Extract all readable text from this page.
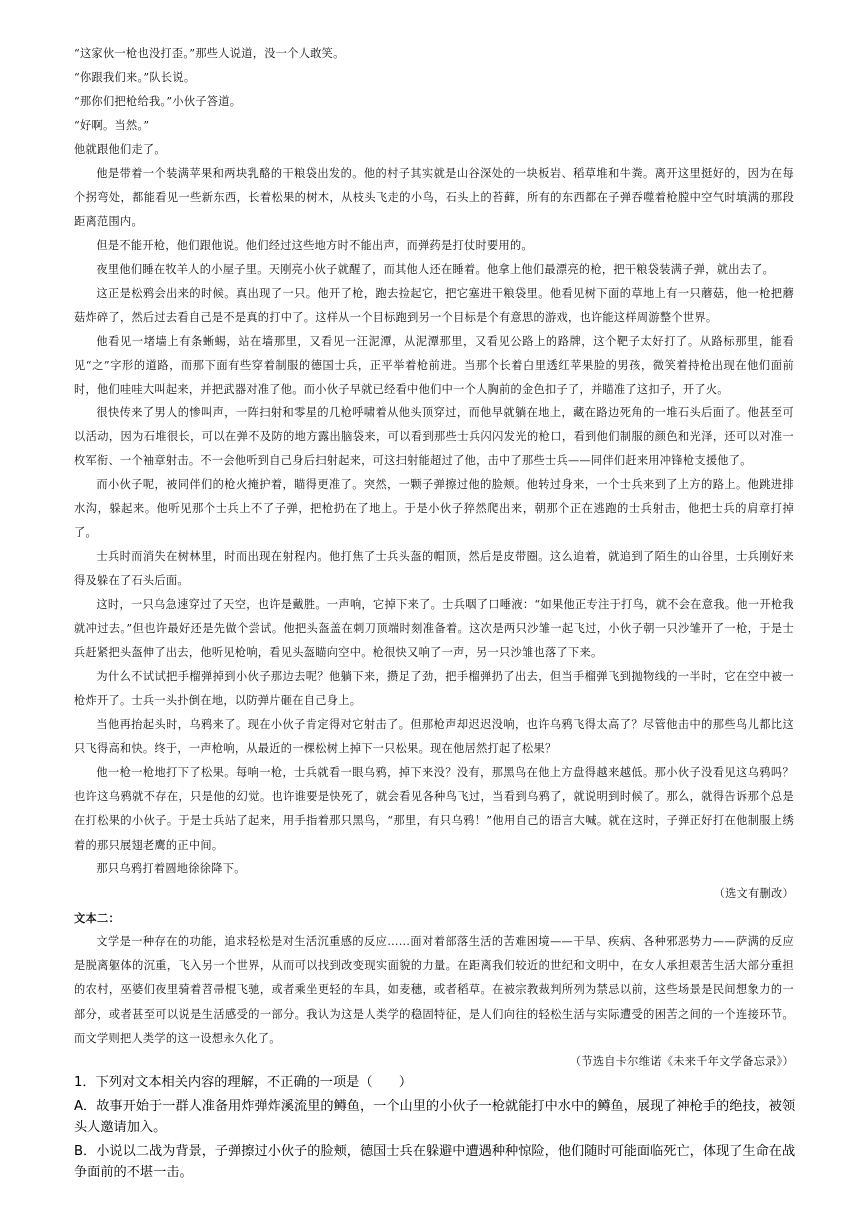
“这家伙一枪也没打歪。”那些人说道，没一个人敢笑。

“你跟我们来。”队长说。

“那你们把枪给我。”小伙子答道。

“好啊。当然。”

他就跟他们走了。

他是带着一个装满苹果和两块乳酪的干粮袋出发的。他的村子其实就是山谷深处的一块板岩、稻草堆和牛粪。离开这里挺好的，因为在每个拐弯处，都能看见一些新东西，长着松果的树木，从枝头飞走的小鸟，石头上的苔藓，所有的东西都在子弹吞噬着枪膛中空气时填满的那段距离范围内。

但是不能开枪，他们跟他说。他们经过这些地方时不能出声，而弹药是打仗时要用的。

夜里他们睡在牧羊人的小屋子里。天刚亮小伙子就醒了，而其他人还在睡着。他拿上他们最漂亮的枪，把干粮袋装满子弹，就出去了。

这正是松鸦会出来的时候。真出现了一只。他开了枪，跑去捡起它，把它塞进干粮袋里。他看见树下面的草地上有一只蘑菇，他一枪把蘑菇炸碎了，然后过去看自己是不是真的打中了。这样从一个目标跑到另一个目标是个有意思的游戏，也许能这样周游整个世界。

他看见一堵墙上有条蜥蜴，站在墙那里，又看见一汪泥潭，从泥潭那里，又看见公路上的路牌，这个靶子太好打了。从路标那里，能看见“之”字形的道路，而那下面有些穿着制服的德国士兵，正平举着枪前进。当那个长着白里透红苹果脸的男孩，微笑着持枪出现在他们面前时，他们哇哇大叫起来，并把武器对准了他。而小伙子早就已经看中他们中一个人胸前的金色扣子了，并瞄准了这扣子，开了火。

很快传来了男人的惨叫声，一阵扫射和零星的几枪呼啸着从他头顶穿过，而他早就躺在地上，藏在路边死角的一堆石头后面了。他甚至可以活动，因为石堆很长，可以在弹不及防的地方露出脑袋来，可以看到那些士兵闪闪发光的枪口，看到他们制服的颜色和光泽，还可以对准一枚军衔、一个袖章射击。不一会他听到自己身后扫射起来，可这扫射能超过了他，击中了那些士兵——同伴们赶来用冲锋枪支援他了。

而小伙子呢，被同伴们的枪火掩护着，瞄得更准了。突然，一颗子弹擦过他的脸颊。他转过身来，一个士兵来到了上方的路上。他跳进排水沟，躲起来。他听见那个士兵上不了子弹，把枪扔在了地上。于是小伙子猝然爬出来，朝那个正在逃跑的士兵射击，他把士兵的肩章打掉了。

士兵时而消失在树林里，时而出现在射程内。他打焦了士兵头盔的帽顶，然后是皮带圈。这么追着，就追到了陌生的山谷里，士兵刚好来得及躲在了石头后面。

这时，一只乌急速穿过了天空，也许是戴胜。一声响，它掉下来了。士兵咽了口唾液：“如果他正专注于打鸟，就不会在意我。他一开枪我就冲过去。”但也许最好还是先做个尝试。他把头盔盖在刺刀顶端时刻准备着。这次是两只沙雏一起飞过，小伙子朝一只沙雏开了一枪，于是士兵赶紧把头盔伸了出去，他听见枪响，看见头盔瞄向空中。枪很快又响了一声，另一只沙雏也落了下来。

为什么不试试把手榴弹掉到小伙子那边去呢？他躺下来，攒足了劲，把手榴弹扔了出去，但当手榴弹飞到抛物线的一半时，它在空中被一枪炸开了。士兵一头扑倒在地，以防弹片砸在自己身上。

当他再抬起头时，乌鸦来了。现在小伙子肯定得对它射击了。但那枪声却迟迟没响，也许乌鸦飞得太高了？尽管他击中的那些鸟儿都比这只飞得高和快。终于，一声枪响，从最近的一棵松树上掉下一只松果。现在他居然打起了松果？

他一枪一枪地打下了松果。每响一枪，士兵就看一眼乌鸦，掉下来没？没有，那黑鸟在他上方盘得越来越低。那小伙子没看见这乌鸦吗？也许这乌鸦就不存在，只是他的幻觉。也许谁要是快死了，就会看见各种鸟飞过，当看到乌鸦了，就说明到时候了。那么，就得告诉那个总是在打松果的小伙子。于是士兵站了起来，用手指着那只黑鸟，“那里，有只乌鸦！”他用自己的语言大喊。就在这时，子弹正好打在他制服上绣着的那只展翅老鹰的正中间。

那只乌鸦打着圆地徐徐降下。

（选文有删改）

文本二：

文学是一种存在的功能，追求轻松是对生活沉重感的反应……面对着部落生活的苦难困境——干旱、疾病、各种邪恶势力——萨满的反应是脱离躯体的沉重，飞入另一个世界，从而可以找到改变现实面貌的力量。在距离我们较近的世纪和文明中，在女人承担艰苦生活大部分重担的农村，巫婆们夜里骑着苕帚棍飞驰，或者乘坐更轻的车具，如麦穗，或者稻草。在被宗教裁判所列为禁忌以前，这些场景是民间想象力的一部分，或者甚至可以说是生活感受的一部分。我认为这是人类学的稳固特征，是人们向往的轻松生活与实际遭受的困苦之间的一个连接环节。而文学则把人类学的这一设想永久化了。

（节选自卡尔维诺《未来千年文学备忘录》）

1．下列对文本相关内容的理解，不正确的一项是（　　）

A．故事开始于一群人准备用炸弹炸溪流里的鳟鱼，一个山里的小伙子一枪就能打中水中的鳟鱼，展现了神枪手的绝技，被领头人邀请加入。

B．小说以二战为背景，子弹擦过小伙子的脸颊，德国士兵在躲避中遭遇种种惊险，他们随时可能面临死亡，体现了生命在战争面前的不堪一击。
